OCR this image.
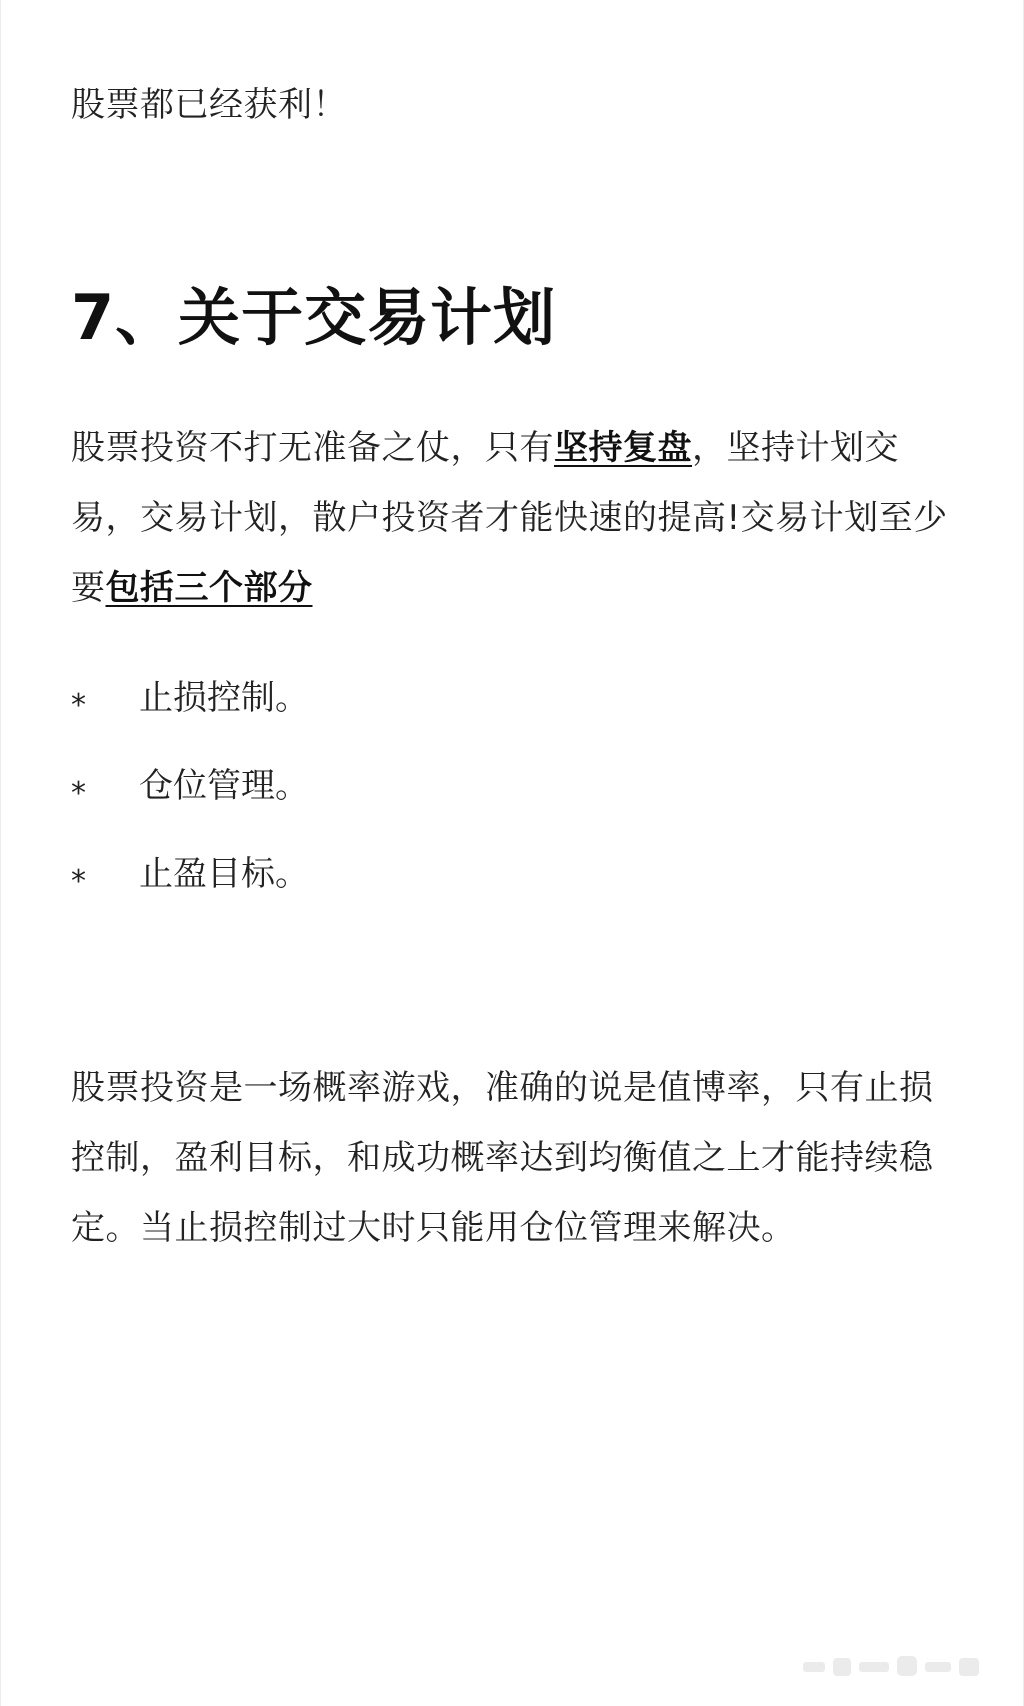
股票都已经获利！

7、关于交易计划

股票投资不打无准备之仗，只有坚持复盘，坚持计划交易，交易计划，散户投资者才能快速的提高!交易计划至少要包括三个部分

* 止损控制。
* 仓位管理。
* 止盈目标。

股票投资是一场概率游戏，准确的说是值博率，只有止损控制，盈利目标，和成功概率达到均衡值之上才能持续稳定。当止损控制过大时只能用仓位管理来解决。
